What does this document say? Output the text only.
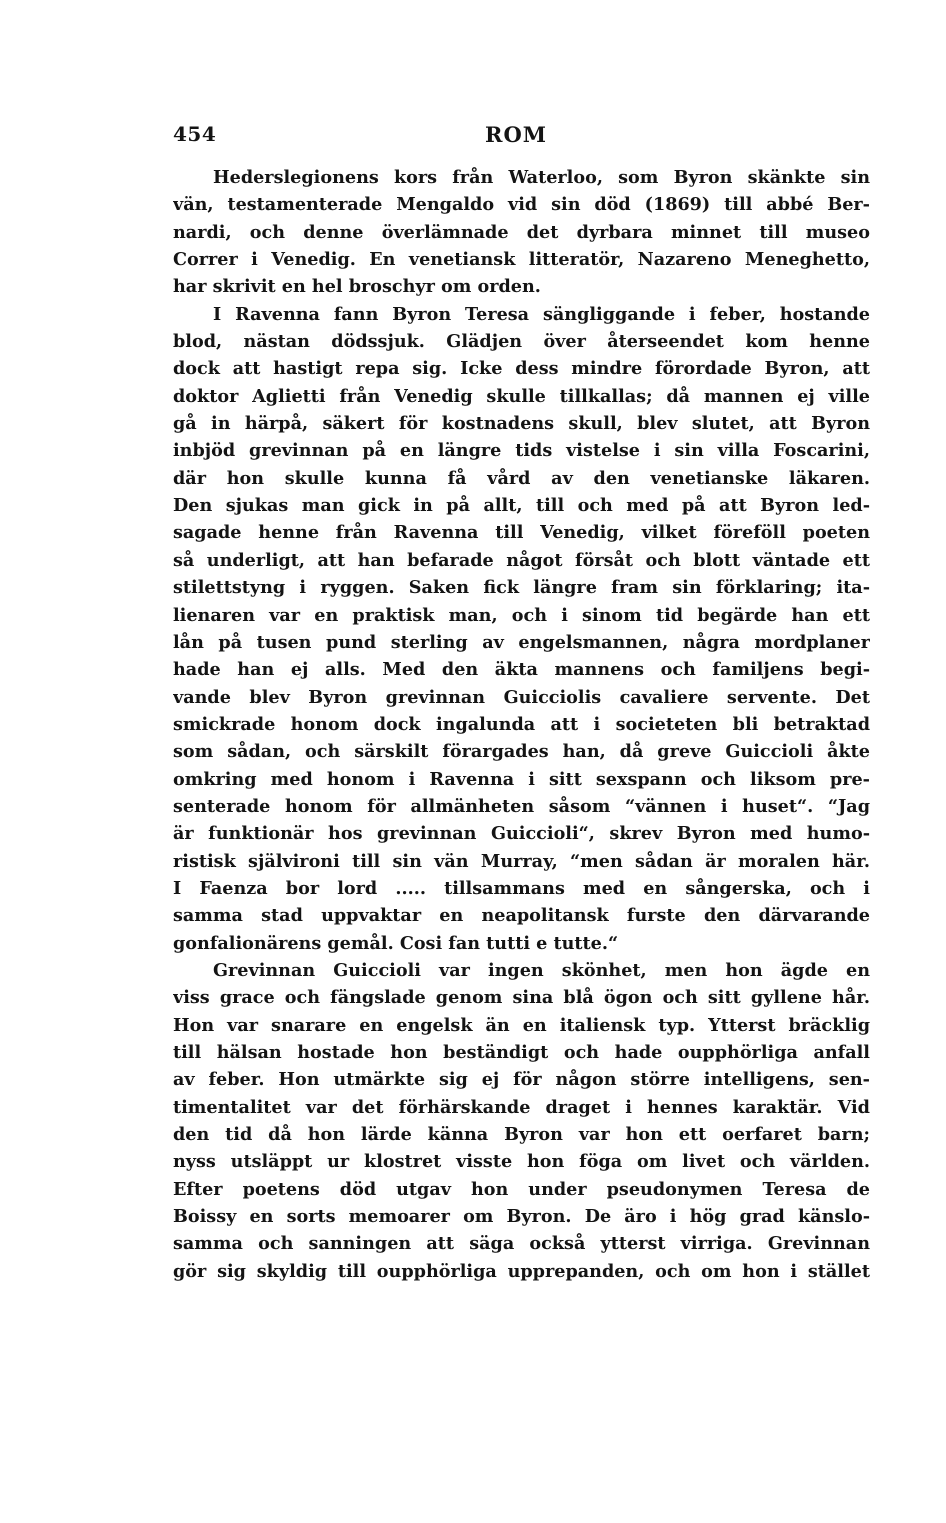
454	ROM
Hederslegionens kors från Waterloo, som Byron skänkte sin
vän, testamenterade Mengaldo vid sin död (1869) till abbé Ber-
nardi, och denne överlämnade det dyrbara minnet till museo
Correr i Venedig. En venetiansk litteratör, Nazareno Meneghetto,
har skrivit en hel broschyr om orden.
I Ravenna fann Byron Teresa sängliggande i feber, hostande
blod, nästan dödssjuk. Glädjen över återseendet kom henne
dock att hastigt repa sig. Icke dess mindre förordade Byron, att
doktor Aglietti från Venedig skulle tillkallas; då mannen ej ville
gå in härpå, säkert för kostnadens skull, blev slutet, att Byron
inbjöd grevinnan på en längre tids vistelse i sin villa Foscarini,
där hon skulle kunna få vård av den venetianske läkaren.
Den sjukas man gick in på allt, till och med på att Byron led-
sagade henne från Ravenna till Venedig, vilket föreföll poeten
så underligt, att han befarade något försåt och blott väntade ett
stilettstyng i ryggen. Saken fick längre fram sin förklaring; ita-
lienaren var en praktisk man, och i sinom tid begärde han ett
lån på tusen pund sterling av engelsmannen, några mordplaner
hade han ej alls. Med den äkta mannens och familjens begi-
vande blev Byron grevinnan Guicciolis cavaliere servente. Det
smickrade honom dock ingalunda att i societeten bli betraktad
som sådan, och särskilt förargades han, då greve Guiccioli åkte
omkring med honom i Ravenna i sitt sexspann och liksom pre-
senterade honom för allmänheten såsom “vännen i huset“. “Jag
är funktionär hos grevinnan Guiccioli“, skrev Byron med humo-
ristisk självironi till sin vän Murray, “men sådan är moralen här.
I Faenza bor lord ..... tillsammans med en sångerska, och i
samma stad uppvaktar en neapolitansk furste den därvarande
gonfalionärens gemål. Cosi fan tutti e tutte.“
Grevinnan Guiccioli var ingen skönhet, men hon ägde en
viss grace och fängslade genom sina blå ögon och sitt gyllene hår.
Hon var snarare en engelsk än en italiensk typ. Ytterst bräcklig
till hälsan hostade hon beständigt och hade oupphörliga anfall
av feber. Hon utmärkte sig ej för någon större intelligens, sen-
timentalitet var det förhärskande draget i hennes karaktär. Vid
den tid då hon lärde känna Byron var hon ett oerfaret barn;
nyss utsläppt ur klostret visste hon föga om livet och världen.
Efter poetens död utgav hon under pseudonymen Teresa de
Boissy en sorts memoarer om Byron. De äro i hög grad känslo-
samma och sanningen att säga också ytterst virriga. Grevinnan
gör sig skyldig till oupphörliga upprepanden, och om hon i stället
